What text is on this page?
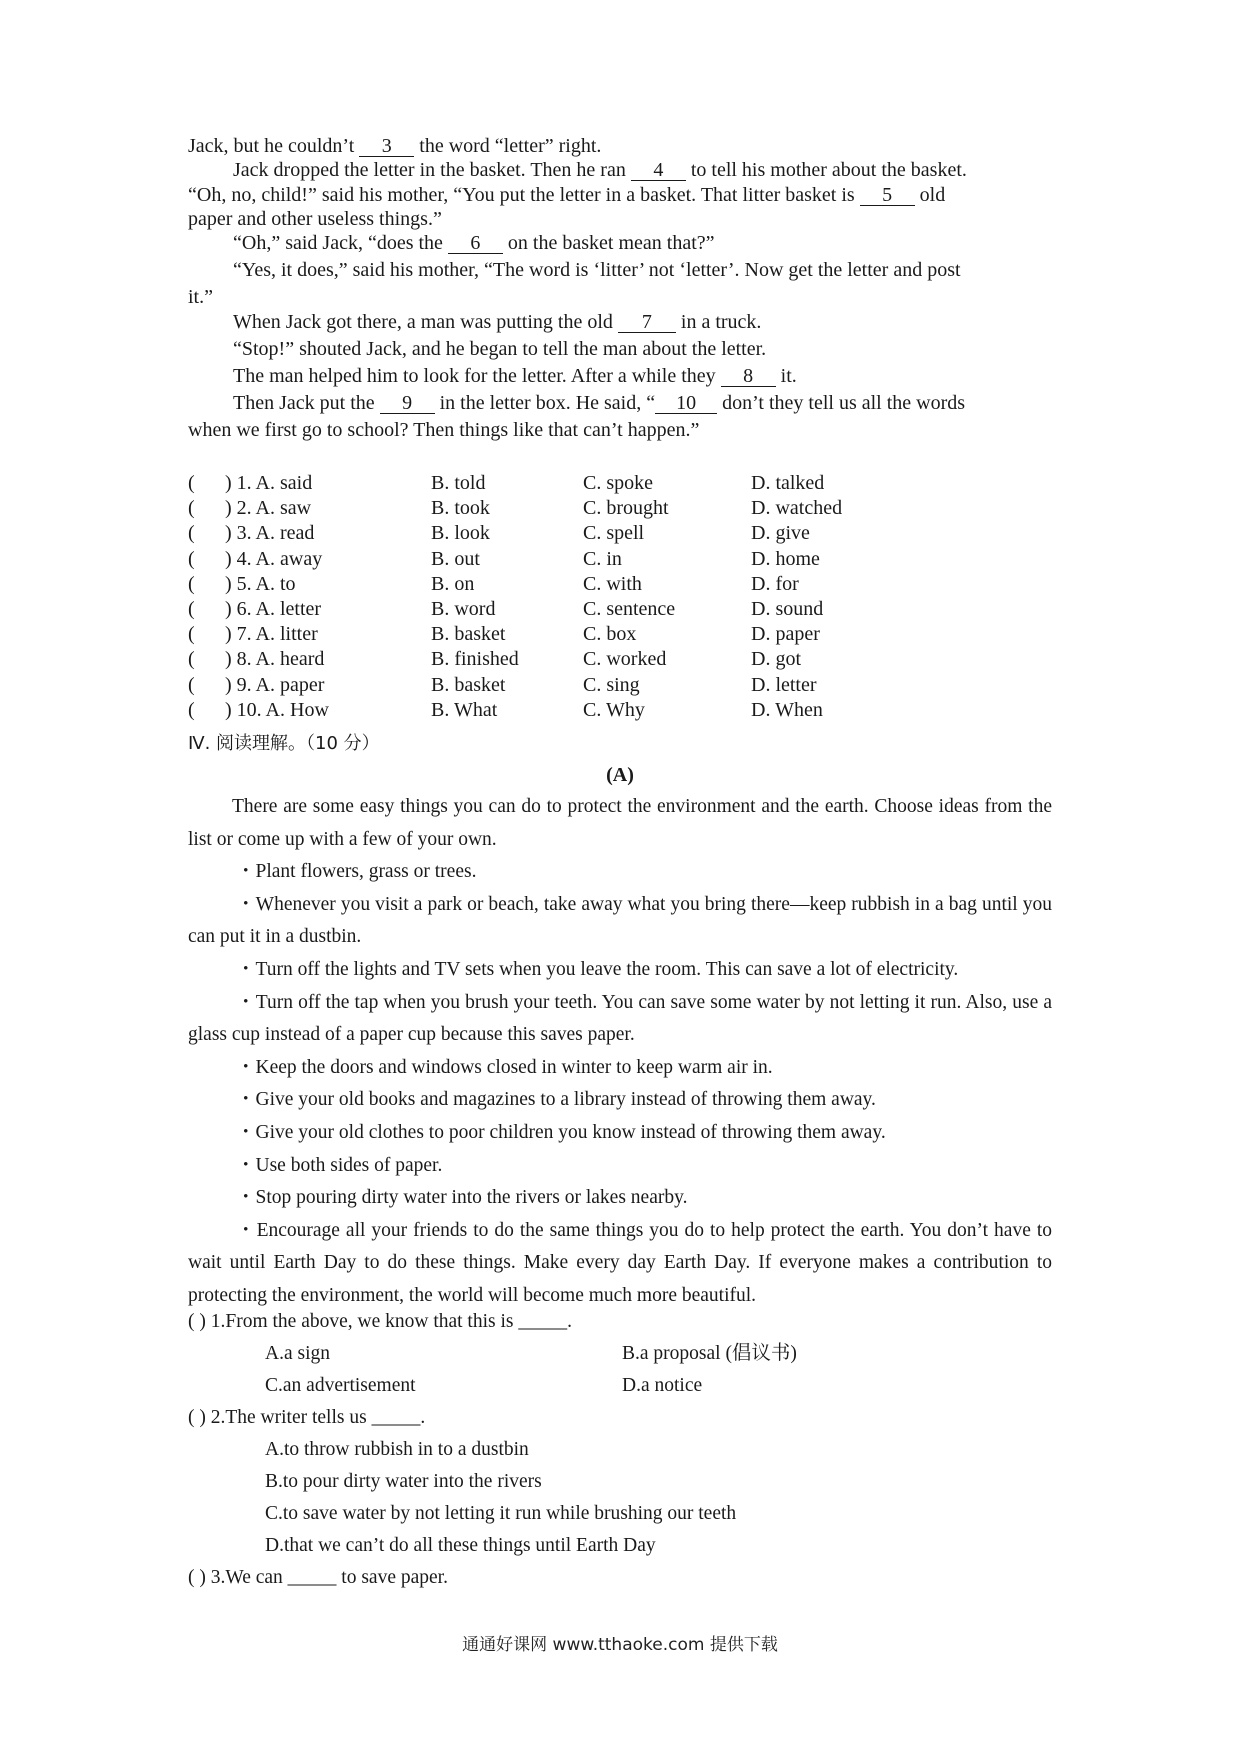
Jack, but he couldn’t 3 the word “letter” right.
Jack dropped the letter in the basket. Then he ran 4 to tell his mother about the basket.
“Oh, no, child!” said his mother, “You put the letter in a basket. That litter basket is 5 old
paper and other useless things.”
“Oh,” said Jack, “does the 6 on the basket mean that?”
“Yes, it does,” said his mother, “The word is ‘litter’ not ‘letter’. Now get the letter and post
it.”
When Jack got there, a man was putting the old 7 in a truck.
“Stop!” shouted Jack, and he began to tell the man about the letter.
The man helped him to look for the letter. After a while they 8 it.
Then Jack put the 9 in the letter box. He said, “ 10 don’t they tell us all the words
when we first go to school? Then things like that can’t happen.”
( ) 1. A. said	B. told	C. spoke	D. talked
( ) 2. A. saw	B. took	C. brought	D. watched
( ) 3. A. read	B. look	C. spell	D. give
( ) 4. A. away	B. out	C. in	D. home
( ) 5. A. to	B. on	C. with	D. for
( ) 6. A. letter	B. word	C. sentence	D. sound
( ) 7. A. litter	B. basket	C. box	D. paper
( ) 8. A. heard	B. finished	C. worked	D. got
( ) 9. A. paper	B. basket	C. sing	D. letter
( ) 10. A. How	B. What	C. Why	D. When
Ⅳ. 阅读理解。（10 分）
(A)
There are some easy things you can do to protect the environment and the earth. Choose ideas from the list or come up with a few of your own.
・Plant flowers, grass or trees.
・Whenever you visit a park or beach, take away what you bring there—keep rubbish in a bag until you can put it in a dustbin.
・Turn off the lights and TV sets when you leave the room. This can save a lot of electricity.
・Turn off the tap when you brush your teeth. You can save some water by not letting it run. Also, use a glass cup instead of a paper cup because this saves paper.
・Keep the doors and windows closed in winter to keep warm air in.
・Give your old books and magazines to a library instead of throwing them away.
・Give your old clothes to poor children you know instead of throwing them away.
・Use both sides of paper.
・Stop pouring dirty water into the rivers or lakes nearby.
・Encourage all your friends to do the same things you do to help protect the earth. You don’t have to wait until Earth Day to do these things. Make every day Earth Day. If everyone makes a contribution to protecting the environment, the world will become much more beautiful.
( ) 1.From the above, we know that this is _____.
A.a sign	B.a proposal (倡议书)
C.an advertisement	D.a notice
( ) 2.The writer tells us _____.
A.to throw rubbish in to a dustbin
B.to pour dirty water into the rivers
C.to save water by not letting it run while brushing our teeth
D.that we can’t do all these things until Earth Day
( ) 3.We can _____ to save paper.
通通好课网 www.tthaoke.com 提供下载
